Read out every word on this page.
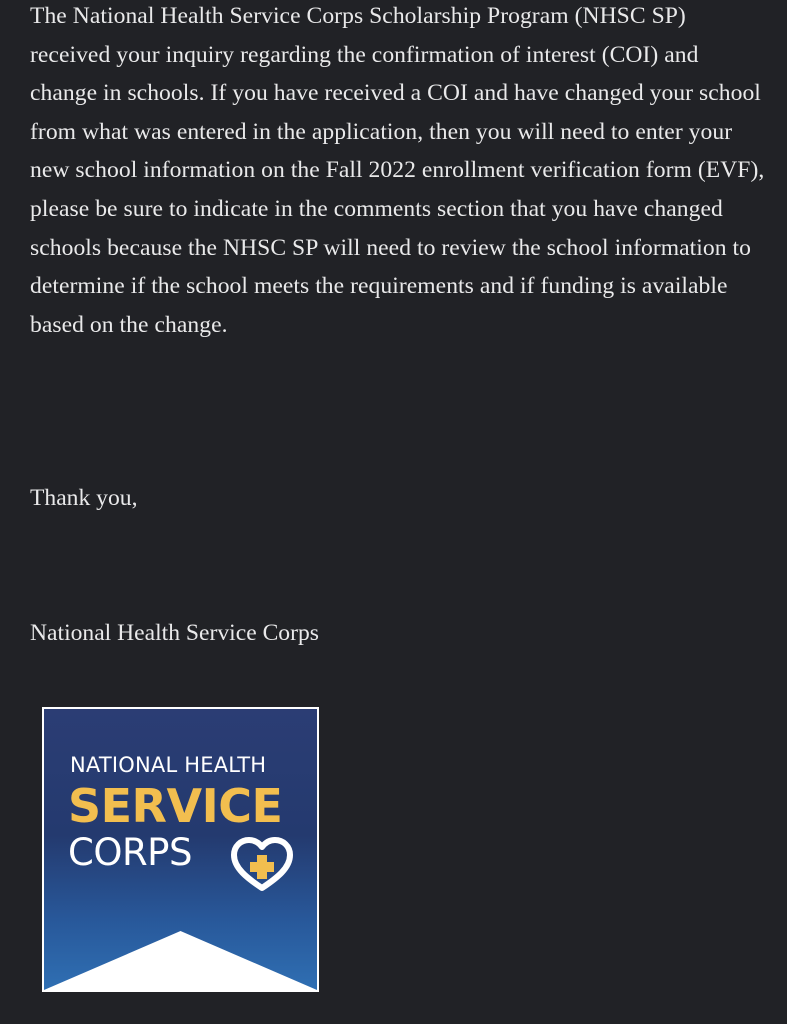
The National Health Service Corps Scholarship Program (NHSC SP) received your inquiry regarding the confirmation of interest (COI) and change in schools. If you have received a COI and have changed your school from what was entered in the application, then you will need to enter your new school information on the Fall 2022 enrollment verification form (EVF), please be sure to indicate in the comments section that you have changed schools because the NHSC SP will need to review the school information to determine if the school meets the requirements and if funding is available based on the change.

Thank you,

National Health Service Corps

NATIONAL HEALTH
SERVICE
CORPS
